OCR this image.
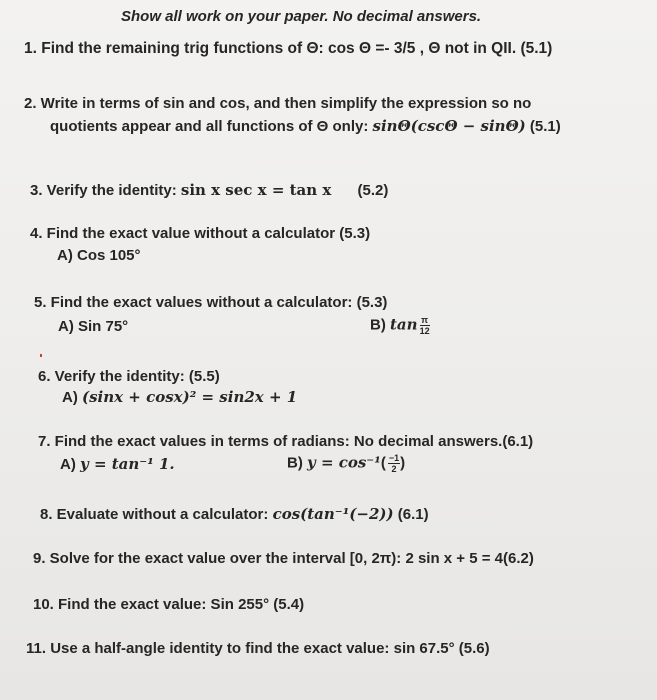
Show all work on your paper. No decimal answers.
1. Find the remaining trig functions of Θ: cos Θ =- 3/5 , Θ not in QII. (5.1)
2. Write in terms of sin and cos, and then simplify the expression so no
quotients appear and all functions of Θ only: sinΘ(cscΘ − sinΘ) (5.1)
3. Verify the identity: sin x sec x = tan x (5.2)
4. Find the exact value without a calculator (5.3)
A) Cos 105°
5. Find the exact values without a calculator: (5.3)
A) Sin 75°	B) $\tan \frac{\pi}{12}$
6. Verify the identity: (5.5)
A) (sinx + cosx)² = sin2x + 1
7. Find the exact values in terms of radians: No decimal answers.(6.1)
A) y = tan⁻¹ 1.	B) $y = \cos^{-1}( \frac{-1}{2}$ )
8. Evaluate without a calculator: cos(tan⁻¹(−2)) (6.1)
9. Solve for the exact value over the interval [0, 2π): 2 sin x + 5 = 4(6.2)
10. Find the exact value: Sin 255° (5.4)
11. Use a half-angle identity to find the exact value: sin 67.5° (5.6)
